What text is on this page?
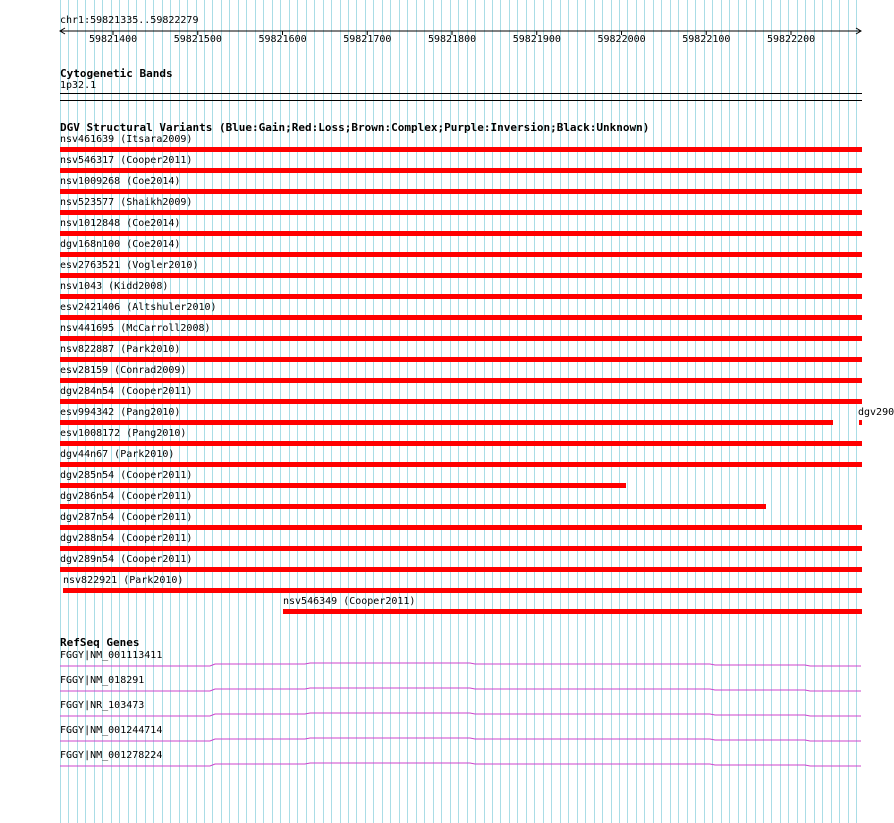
chr1:59821335..59822279
59821400	59821500	59821600	59821700	59821800	59821900	59822000	59822100	59822200
Cytogenetic Bands
1p32.1
DGV Structural Variants (Blue:Gain;Red:Loss;Brown:Complex;Purple:Inversion;Black:Unknown)
nsv461639 (Itsara2009)
nsv546317 (Cooper2011)
nsv1009268 (Coe2014)
nsv523577 (Shaikh2009)
nsv1012848 (Coe2014)
dgv168n100 (Coe2014)
esv2763521 (Vogler2010)
nsv1043 (Kidd2008)
esv2421406 (Altshuler2010)
nsv441695 (McCarroll2008)
nsv822887 (Park2010)
esv28159 (Conrad2009)
dgv284n54 (Cooper2011)
esv994342 (Pang2010)	dgv290
esv1008172 (Pang2010)
dgv44n67 (Park2010)
dgv285n54 (Cooper2011)
dgv286n54 (Cooper2011)
dgv287n54 (Cooper2011)
dgv288n54 (Cooper2011)
dgv289n54 (Cooper2011)
nsv822921 (Park2010)
nsv546349 (Cooper2011)
RefSeq Genes
FGGY|NM_001113411
FGGY|NM_018291
FGGY|NR_103473
FGGY|NM_001244714
FGGY|NM_001278224
